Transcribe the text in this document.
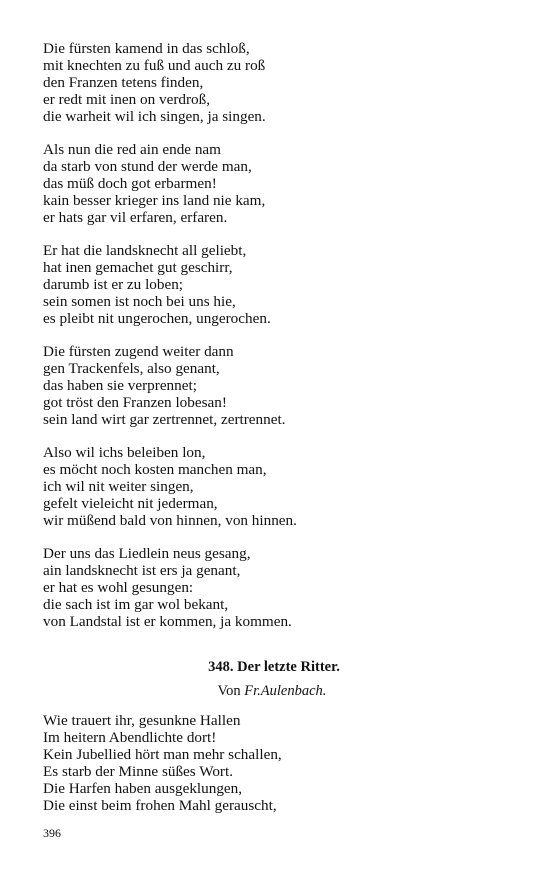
Die fürsten kamend in das schloß,
mit knechten zu fuß und auch zu roß
den Franzen tetens finden,
er redt mit inen on verdroß,
die warheit wil ich singen, ja singen.
Als nun die red ain ende nam
da starb von stund der werde man,
das müß doch got erbarmen!
kain besser krieger ins land nie kam,
er hats gar vil erfaren, erfaren.
Er hat die landsknecht all geliebt,
hat inen gemachet gut geschirr,
darumb ist er zu loben;
sein somen ist noch bei uns hie,
es pleibt nit ungerochen, ungerochen.
Die fürsten zugend weiter dann
gen Trackenfels, also genant,
das haben sie verprennet;
got tröst den Franzen lobesan!
sein land wirt gar zertrennet, zertrennet.
Also wil ichs beleiben lon,
es möcht noch kosten manchen man,
ich wil nit weiter singen,
gefelt vieleicht nit jederman,
wir müßend bald von hinnen, von hinnen.
Der uns das Liedlein neus gesang,
ain landsknecht ist ers ja genant,
er hat es wohl gesungen:
die sach ist im gar wol bekant,
von Landstal ist er kommen, ja kommen.
348. Der letzte Ritter.
Von Fr.Aulenbach.
Wie trauert ihr, gesunkne Hallen
Im heitern Abendlichte dort!
Kein Jubellied hört man mehr schallen,
Es starb der Minne süßes Wort.
Die Harfen haben ausgeklungen,
Die einst beim frohen Mahl gerauscht,
396
